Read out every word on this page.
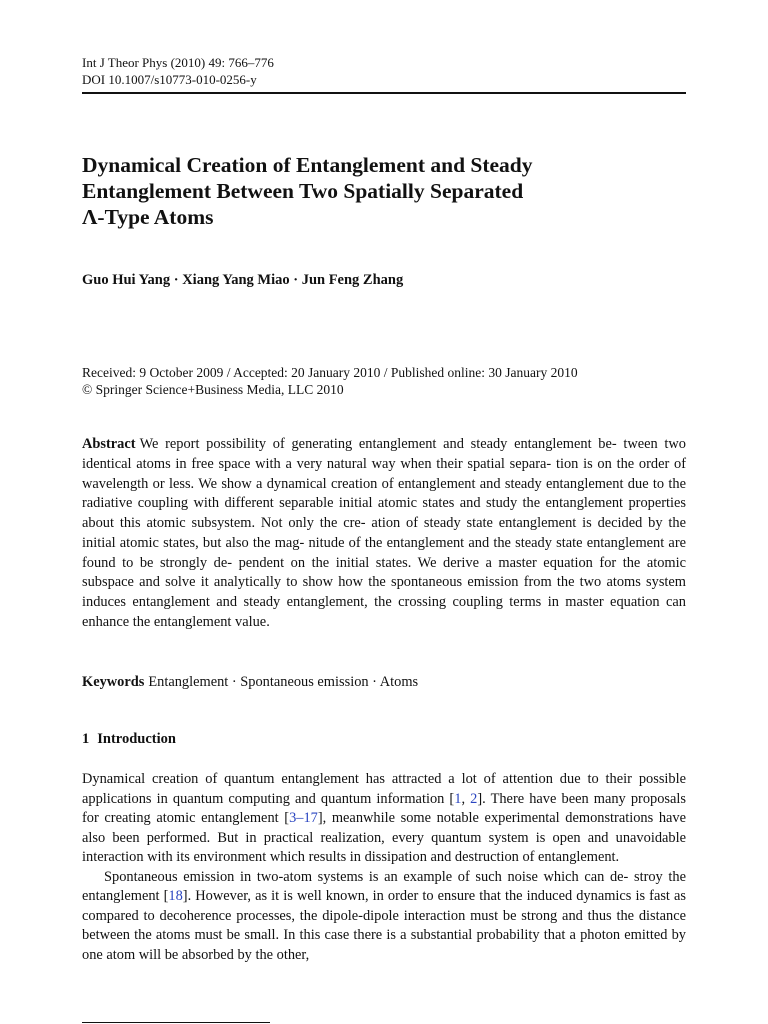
Int J Theor Phys (2010) 49: 766–776
DOI 10.1007/s10773-010-0256-y
Dynamical Creation of Entanglement and Steady
Entanglement Between Two Spatially Separated
Λ-Type Atoms
Guo Hui Yang · Xiang Yang Miao · Jun Feng Zhang
Received: 9 October 2009 / Accepted: 20 January 2010 / Published online: 30 January 2010
© Springer Science+Business Media, LLC 2010

Abstract We report possibility of generating entanglement and steady entanglement be- tween two identical atoms in free space with a very natural way when their spatial separa- tion is on the order of wavelength or less. We show a dynamical creation of entanglement and steady entanglement due to the radiative coupling with different separable initial atomic states and study the entanglement properties about this atomic subsystem. Not only the cre- ation of steady state entanglement is decided by the initial atomic states, but also the mag- nitude of the entanglement and the steady state entanglement are found to be strongly de- pendent on the initial states. We derive a master equation for the atomic subspace and solve it analytically to show how the spontaneous emission from the two atoms system induces entanglement and steady entanglement, the crossing coupling terms in master equation can enhance the entanglement value.

Keywords Entanglement · Spontaneous emission · Atoms
1 Introduction

Dynamical creation of quantum entanglement has attracted a lot of attention due to their possible applications in quantum computing and quantum information [1, 2]. There have been many proposals for creating atomic entanglement [3–17], meanwhile some notable experimental demonstrations have also been performed. But in practical realization, every quantum system is open and unavoidable interaction with its environment which results in dissipation and destruction of entanglement.

Spontaneous emission in two-atom systems is an example of such noise which can de- stroy the entanglement [18]. However, as it is well known, in order to ensure that the induced dynamics is fast as compared to decoherence processes, the dipole-dipole interaction must be strong and thus the distance between the atoms must be small. In this case there is a substantial probability that a photon emitted by one atom will be absorbed by the other,
